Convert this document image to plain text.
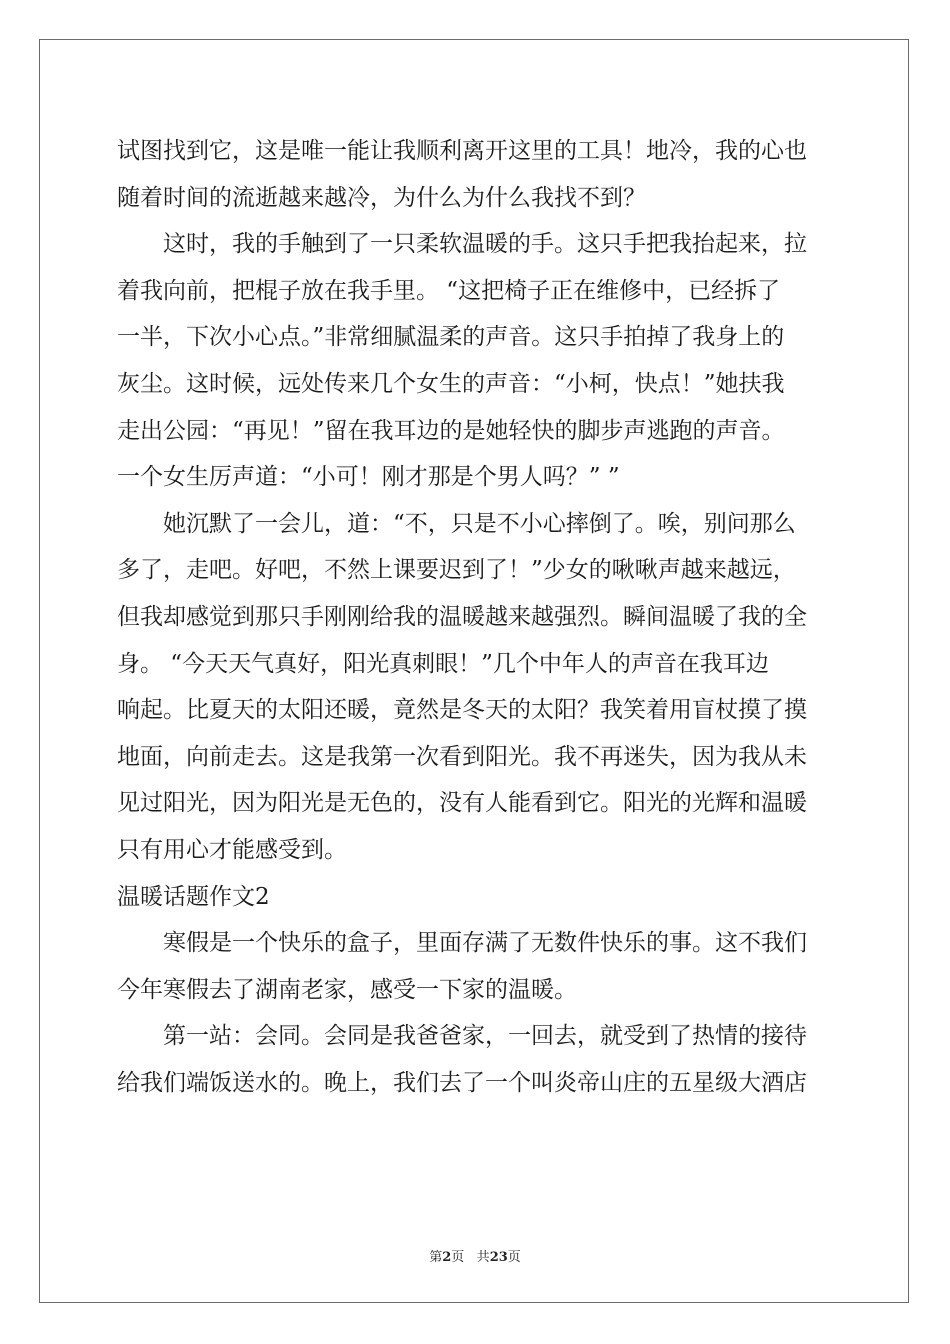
试图找到它，这是唯一能让我顺利离开这里的工具！地冷，我的心也
随着时间的流逝越来越冷，为什么为什么我找不到？
　　这时，我的手触到了一只柔软温暖的手。这只手把我抬起来，拉
着我向前，把棍子放在我手里。 “这把椅子正在维修中，已经拆了
一半，下次小心点。”非常细腻温柔的声音。这只手拍掉了我身上的
灰尘。这时候，远处传来几个女生的声音：“小柯，快点！”她扶我
走出公园：“再见！”留在我耳边的是她轻快的脚步声逃跑的声音。
一个女生厉声道：“小可！刚才那是个男人吗？” ”
　　她沉默了一会儿，道：“不，只是不小心摔倒了。唉，别问那么
多了，走吧。好吧，不然上课要迟到了！”少女的啾啾声越来越远，
但我却感觉到那只手刚刚给我的温暖越来越强烈。瞬间温暖了我的全
身。 “今天天气真好，阳光真刺眼！”几个中年人的声音在我耳边
响起。比夏天的太阳还暖，竟然是冬天的太阳？我笑着用盲杖摸了摸
地面，向前走去。这是我第一次看到阳光。我不再迷失，因为我从未
见过阳光，因为阳光是无色的，没有人能看到它。阳光的光辉和温暖
只有用心才能感受到。
温暖话题作文2
　　寒假是一个快乐的盒子，里面存满了无数件快乐的事。这不我们
今年寒假去了湖南老家，感受一下家的温暖。
　　第一站：会同。会同是我爸爸家，一回去，就受到了热情的接待
给我们端饭送水的。晚上，我们去了一个叫炎帝山庄的五星级大酒店
第2页 共23页
